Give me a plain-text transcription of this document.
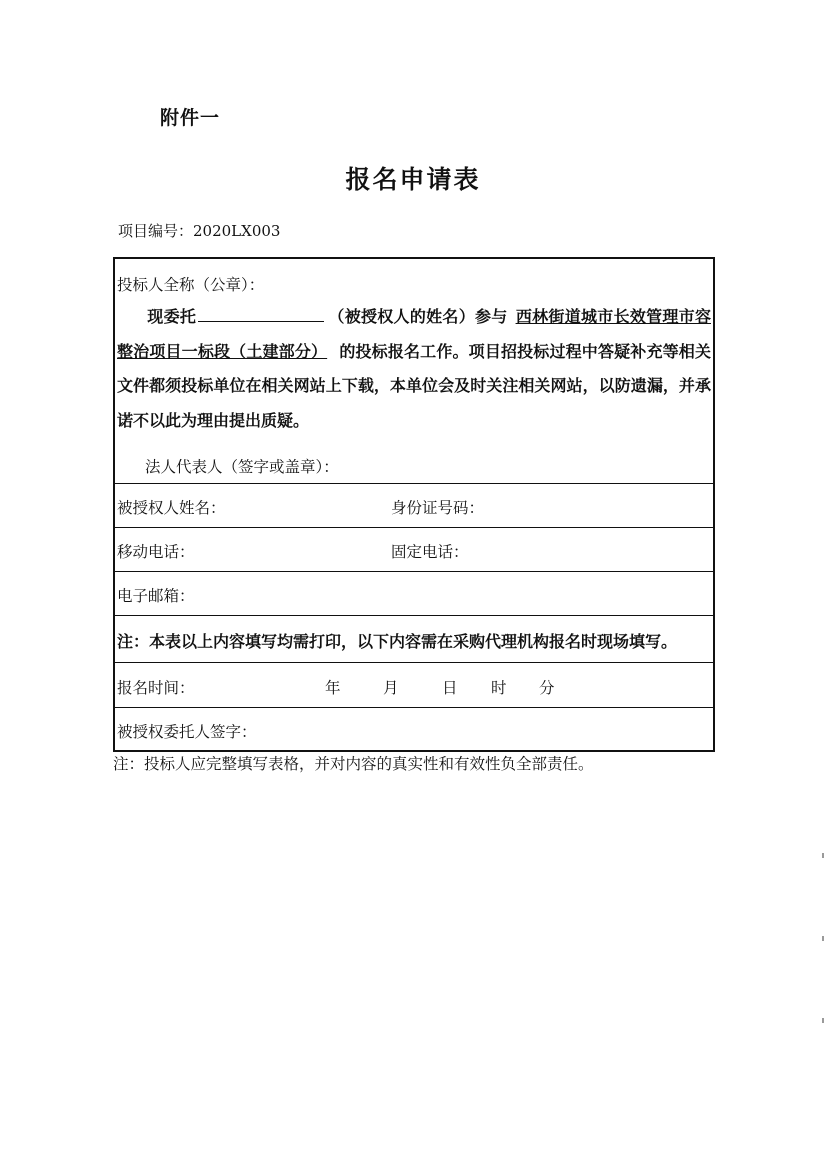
附件一
报名申请表
项目编号：2020LX003
投标人全称（公章）：
现委托	（被授权人的姓名）参与 西林街道城市长效管理市容整治项目一标段（土建部分） 的投标报名工作。项目招投标过程中答疑补充等相关文件都须投标单位在相关网站上下载，本单位会及时关注相关网站，以防遗漏，并承诺不以此为理由提出质疑。
法人代表人（签字或盖章）：
被授权人姓名：	身份证号码：
移动电话：	固定电话：
电子邮箱：
注：本表以上内容填写均需打印，以下内容需在采购代理机构报名时现场填写。
报名时间：	年	月	日 时 分
被授权委托人签字：
注：投标人应完整填写表格，并对内容的真实性和有效性负全部责任。
